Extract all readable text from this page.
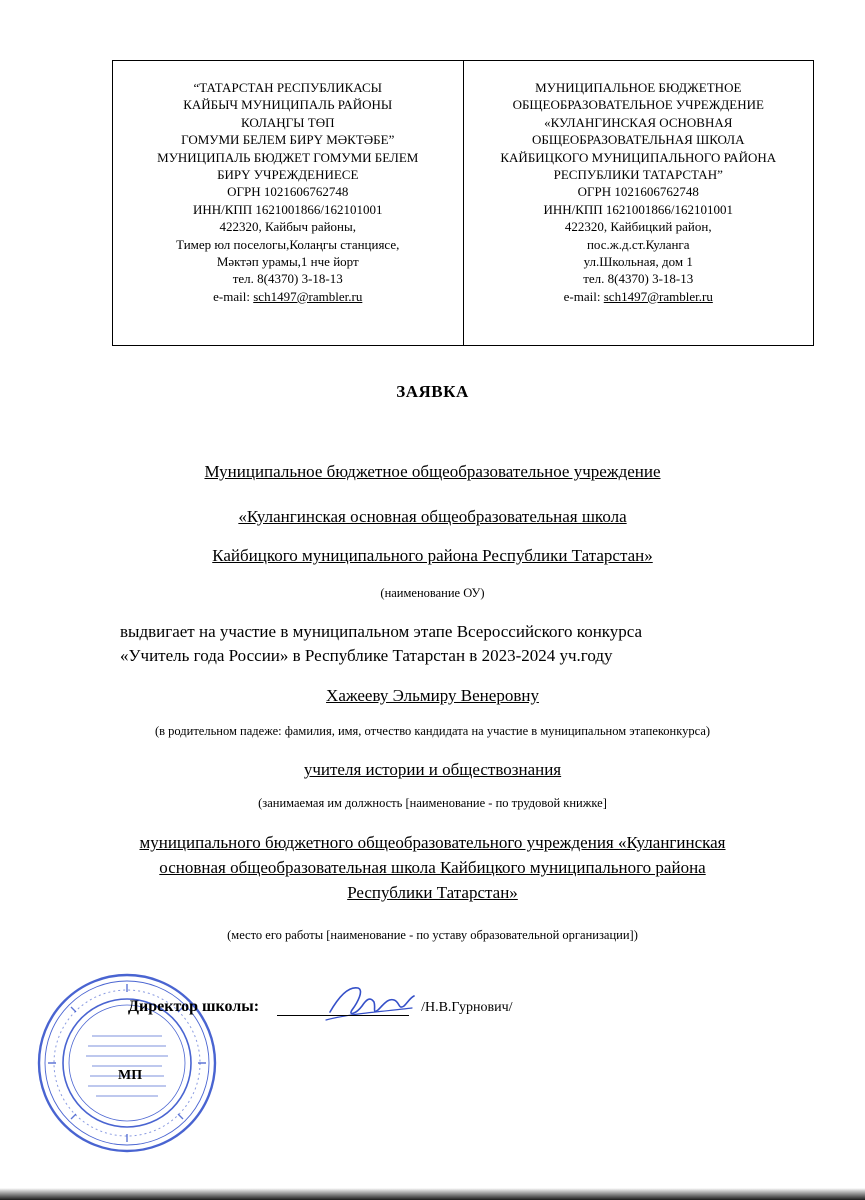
“ТАТАРСТАН РЕСПУБЛИКАСЫ
КАЙБЫЧ МУНИЦИПАЛЬ РАЙОНЫ
КОЛАҢГЫ ТӨП
ГОМУМИ БЕЛЕМ БИРҮ МӘКТӘБЕ”
МУНИЦИПАЛЬ БЮДЖЕТ ГОМУМИ БЕЛЕМ
БИРҮ УЧРЕЖДЕНИЕСЕ
ОГРН 1021606762748
ИНН/КПП 1621001866/162101001
422320, Кайбыч районы,
Тимер юл поселогы,Колаңгы станциясе,
Мәктәп урамы,1 нче йорт
тел. 8(4370) 3-18-13
e-mail: sch1497@rambler.ru
МУНИЦИПАЛЬНОЕ БЮДЖЕТНОЕ
ОБЩЕОБРАЗОВАТЕЛЬНОЕ УЧРЕЖДЕНИЕ
«КУЛАНГИНСКАЯ ОСНОВНАЯ
ОБЩЕОБРАЗОВАТЕЛЬНАЯ ШКОЛА
КАЙБИЦКОГО МУНИЦИПАЛЬНОГО РАЙОНА
РЕСПУБЛИКИ ТАТАРСТАН”
ОГРН 1021606762748
ИНН/КПП 1621001866/162101001
422320, Кайбицкий район,
пос.ж.д.ст.Куланга
ул.Школьная, дом 1
тел. 8(4370) 3-18-13
e-mail: sch1497@rambler.ru
ЗАЯВКА
Муниципальное бюджетное общеобразовательное учреждение
«Кулангинская основная общеобразовательная школа
Кайбицкого муниципального района Республики Татарстан»
(наименование ОУ)
выдвигает на участие в муниципальном этапе Всероссийского конкурса
«Учитель года России» в Республике Татарстан в 2023-2024 уч.году
Хажееву Эльмиру Венеровну
(в родительном падеже: фамилия, имя, отчество кандидата на участие в муниципальном этапеконкурса)
учителя истории и обществознания
(занимаемая им должность [наименование - по трудовой книжке]
муниципального бюджетного общеобразовательного учреждения «Кулангинская
основная общеобразовательная школа Кайбицкого муниципального района
Республики Татарстан»
(место его работы [наименование - по уставу образовательной организации])
Директор школы:	/Н.В.Гурнович/
МП
